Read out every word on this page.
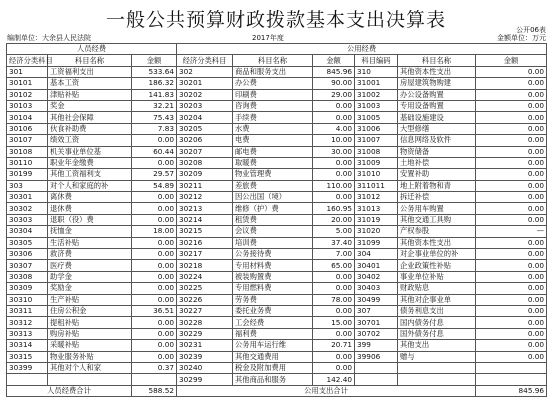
一般公共预算财政拨款基本支出决算表	公开06表
编制单位：大余县人民法院	2017年度	金额单位：万元
人员经费			公用经费					
经济分类科目	科目名称	金额	经济分类科目	科目名称	金额	科目编码	科目名称	金额
301	工资福利支出	533.64	302	商品和服务支出	845.96	310	其他资本性支出	0.00
30101	基本工资	186.32	30201	办公费	90.00	31001	房屋建筑物购建	0.00
30102	津贴补贴	141.83	30202	印刷费	29.00	31002	办公设备购置	0.00
30103	奖金	32.21	30203	咨询费	0.00	31003	专用设备购置	0.00
30104	其他社会保障	75.43	30204	手续费	0.00	31005	基础设施建设	0.00
30106	伙食补助费	7.83	30205	水费	4.00	31006	大型修缮	0.00
30107	绩效工资	0.00	30206	电费	10.00	31007	信息网络及软件	0.00
30108	机关事业单位基	60.44	30207	邮电费	30.00	31008	物资储备	0.00
30110	职业年金缴费	0.00	30208	取暖费	0.00	31009	土地补偿	0.00
30199	其他工资福利支	29.57	30209	物业管理费	0.00	31010	安置补助	0.00
303	对个人和家庭的补	54.89	30211	差旅费	110.00	311011	地上附着物和青	0.00
30301	离休费	0.00	30212	因公出国（境）	0.00	31012	拆迁补偿	0.00
30302	退休费	0.00	30213	维修（护）费	160.95	31013	公务用车购置	0.00
30303	退职（役）费	0.00	30214	租赁费	20.00	31019	其他交通工具购	0.00
30304	抚恤金	18.00	30215	会议费	5.00	31020	产权参股	—
30305	生活补贴	0.00	30216	培训费	37.40	31099	其他资本性支出	0.00
30306	救济费	0.00	30217	公务接待费	7.00	304	对企事业单位的补	0.00
30307	医疗费	0.00	30218	专用材料费	65.00	30401	企业政策性补贴	0.00
30308	助学金	0.00	30224	被装购置费	0.00	30402	事业单位补贴	0.00
30309	奖励金	0.00	30225	专用燃料费	0.00	30403	财政贴息	0.00
30310	生产补贴	0.00	30226	劳务费	78.00	30499	其他对企事业单	0.00
30311	住房公积金	36.51	30227	委托业务费	0.00	307	债务利息支出	0.00
30312	提租补贴	0.00	30228	工会经费	15.00	30701	国内债务付息	0.00
30313	购房补贴	0.00	30229	福利费	0.00	30702	国外债务付息	0.00
30314	采暖补贴	0.00	30231	公务用车运行维	20.71	399	其他支出	0.00
30315	物业服务补贴	0.00	30239	其他交通费用	0.00	39906	赠与	0.00
30399	其他对个人和家	0.37	30240	税金及附加费用	0.00			
			30299	其他商品和服务	142.40			
人员经费合计		588.52	公用支出合计					845.96
